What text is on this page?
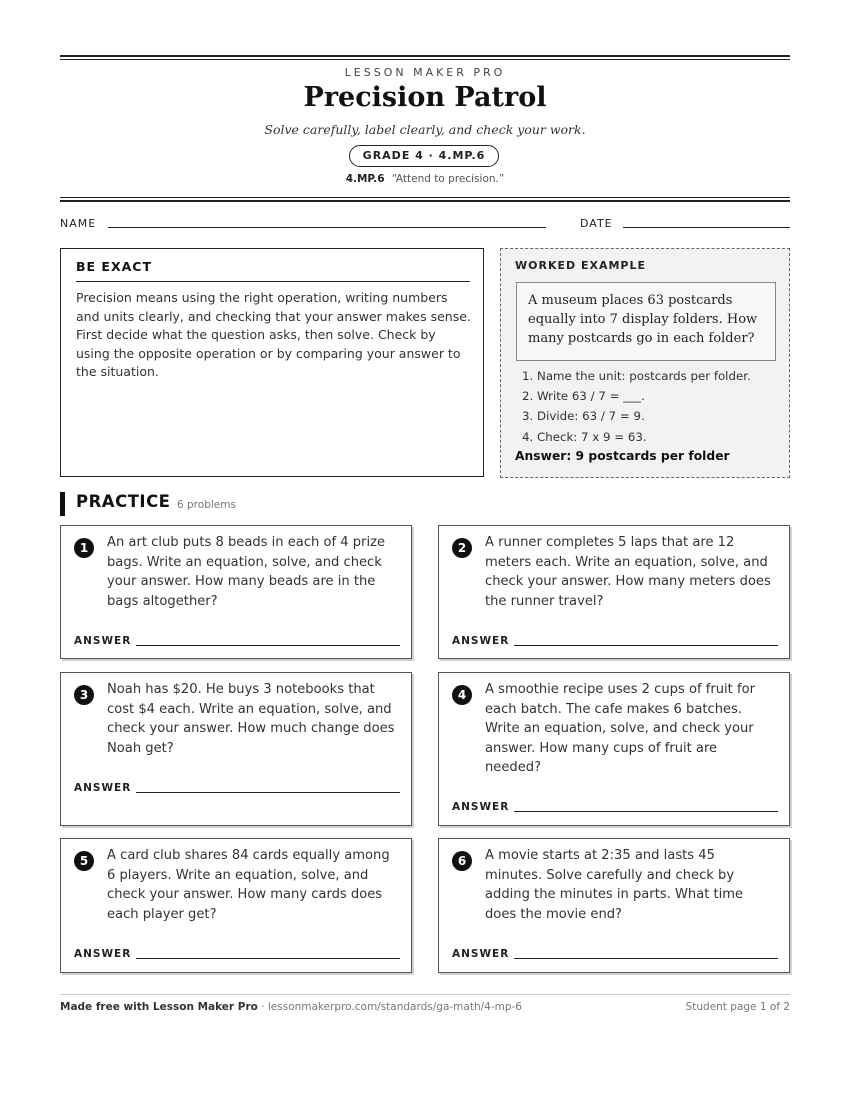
LESSON MAKER PRO
Precision Patrol
Solve carefully, label clearly, and check your work.
GRADE 4 · 4.MP.6
4.MP.6 “Attend to precision.”
NAME	DATE
BE EXACT
Precision means using the right operation, writing numbers and units clearly, and checking that your answer makes sense. First decide what the question asks, then solve. Check by using the opposite operation or by comparing your answer to the situation.
WORKED EXAMPLE
A museum places 63 postcards equally into 7 display folders. How many postcards go in each folder?
1. Name the unit: postcards per folder.
2. Write 63 / 7 = ___.
3. Divide: 63 / 7 = 9.
4. Check: 7 x 9 = 63.
Answer: 9 postcards per folder
PRACTICE 6 problems
1	An art club puts 8 beads in each of 4 prize bags. Write an equation, solve, and check your answer. How many beads are in the bags altogether?
ANSWER
2	A runner completes 5 laps that are 12 meters each. Write an equation, solve, and check your answer. How many meters does the runner travel?
ANSWER
3	Noah has $20. He buys 3 notebooks that cost $4 each. Write an equation, solve, and check your answer. How much change does Noah get?
ANSWER
4	A smoothie recipe uses 2 cups of fruit for each batch. The cafe makes 6 batches. Write an equation, solve, and check your answer. How many cups of fruit are needed?
ANSWER
5	A card club shares 84 cards equally among 6 players. Write an equation, solve, and check your answer. How many cards does each player get?
ANSWER
6	A movie starts at 2:35 and lasts 45 minutes. Solve carefully and check by adding the minutes in parts. What time does the movie end?
ANSWER
Made free with Lesson Maker Pro · lessonmakerpro.com/standards/ga-math/4-mp-6	Student page 1 of 2
